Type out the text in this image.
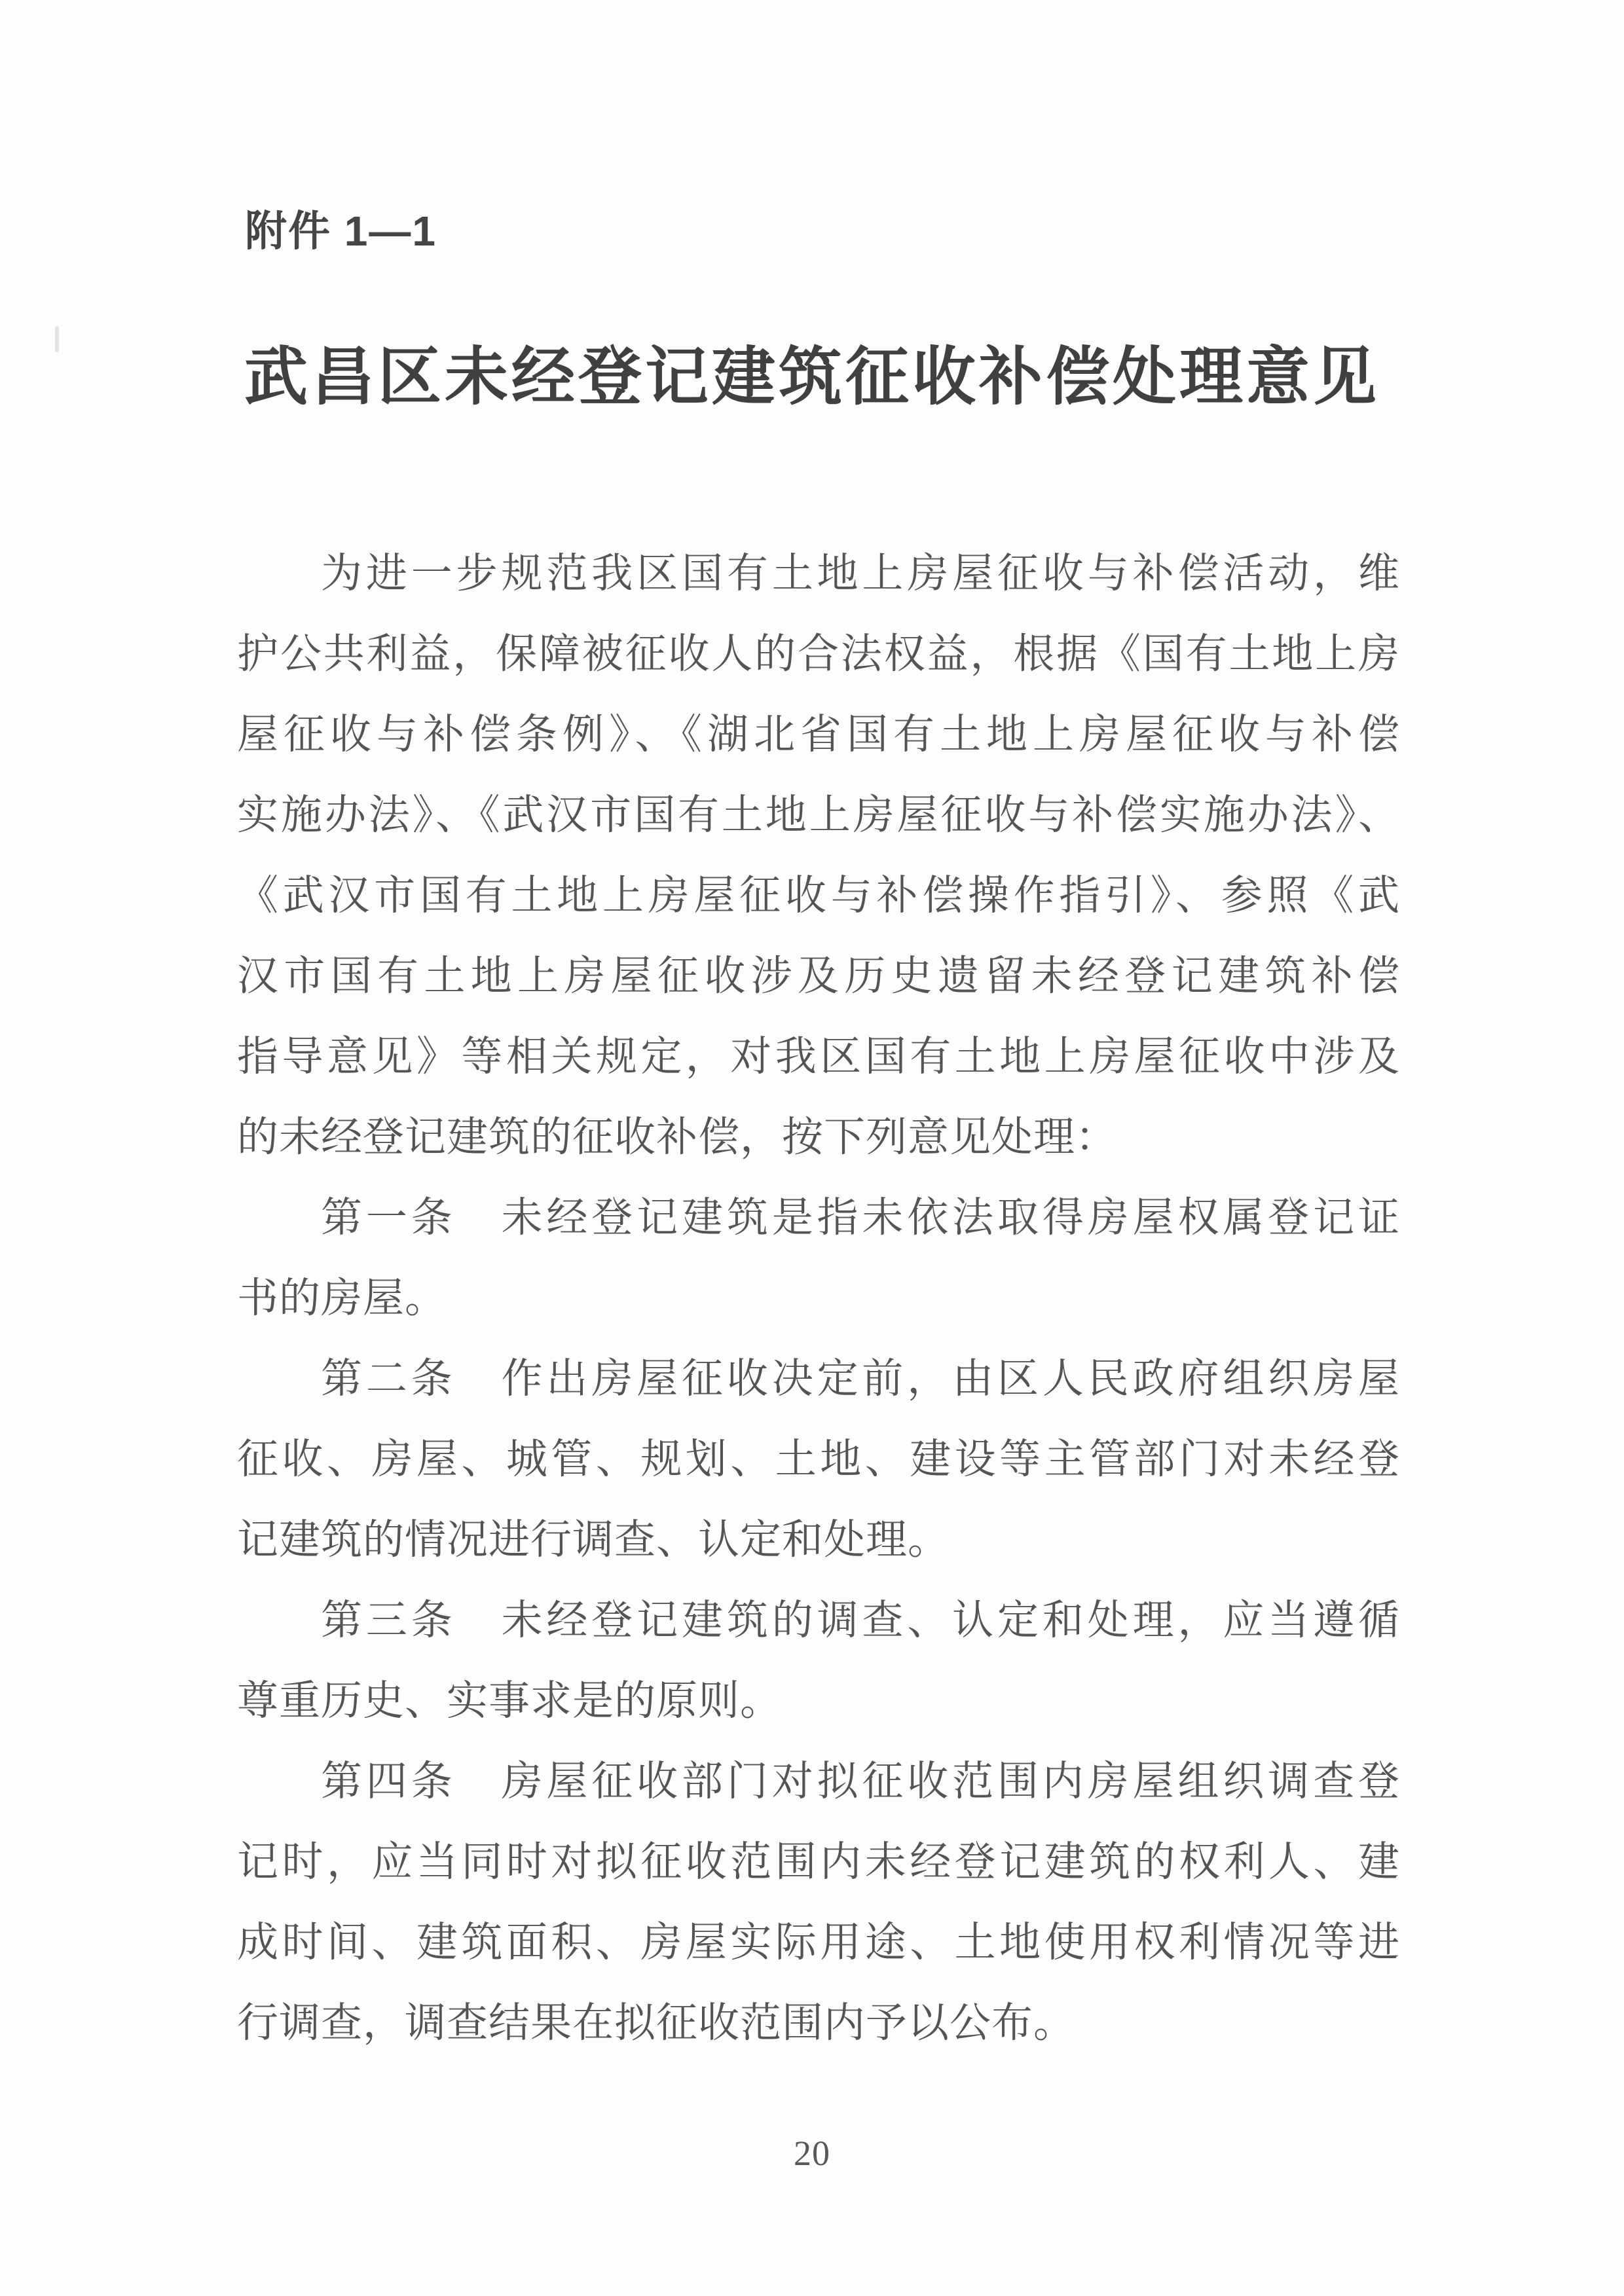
附件 1—1
武昌区未经登记建筑征收补偿处理意见

为进一步规范我区国有土地上房屋征收与补偿活动，维
护公共利益，保障被征收人的合法权益，根据《国有土地上房
屋征收与补偿条例》、《湖北省国有土地上房屋征收与补偿
实施办法》、《武汉市国有土地上房屋征收与补偿实施办法》、
《武汉市国有土地上房屋征收与补偿操作指引》、参照《武
汉市国有土地上房屋征收涉及历史遗留未经登记建筑补偿
指导意见》等相关规定，对我区国有土地上房屋征收中涉及
的未经登记建筑的征收补偿，按下列意见处理：

第一条　未经登记建筑是指未依法取得房屋权属登记证
书的房屋。

第二条　作出房屋征收决定前，由区人民政府组织房屋
征收、房屋、城管、规划、土地、建设等主管部门对未经登
记建筑的情况进行调查、认定和处理。

第三条　未经登记建筑的调查、认定和处理，应当遵循
尊重历史、实事求是的原则。

第四条　房屋征收部门对拟征收范围内房屋组织调查登
记时，应当同时对拟征收范围内未经登记建筑的权利人、建
成时间、建筑面积、房屋实际用途、土地使用权利情况等进
行调查，调查结果在拟征收范围内予以公布。

20
